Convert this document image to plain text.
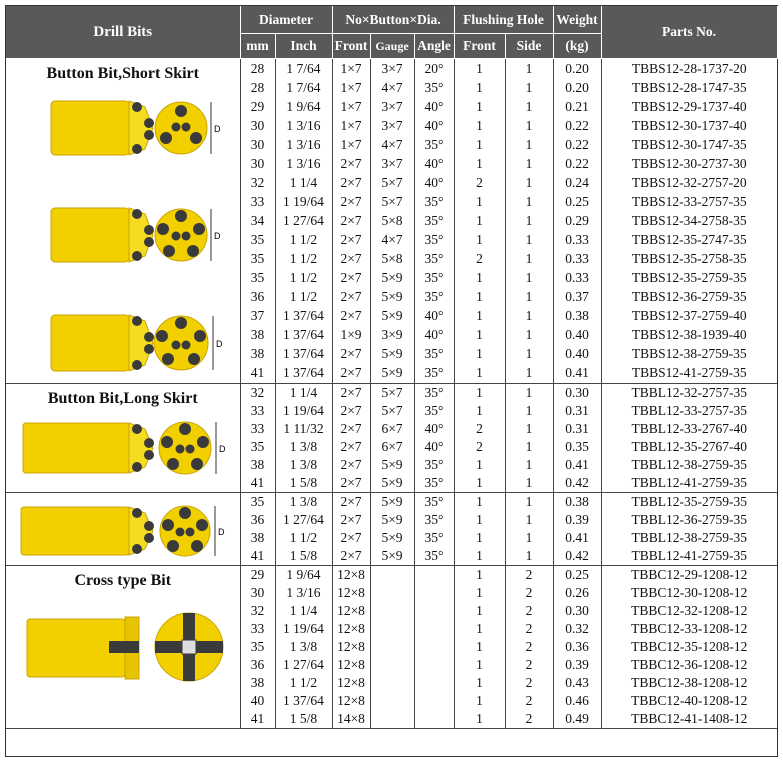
Drill Bits	Diameter		No×Button×Dia.			Flushing Hole		Weight	Parts No.
	mm	Inch	Front	Gauge	Angle	Front	Side	(kg)	

Button Bit,Short Skirt
D
D
D	28	1 7/64	1×7	3×7	20°	1	1	0.20	TBBS12-28-1737-20
	28	1 7/64	1×7	4×7	35°	1	1	0.20	TBBS12-28-1747-35
	29	1 9/64	1×7	3×7	40°	1	1	0.21	TBBS12-29-1737-40
	30	1 3/16	1×7	3×7	40°	1	1	0.22	TBBS12-30-1737-40
	30	1 3/16	1×7	4×7	35°	1	1	0.22	TBBS12-30-1747-35
	30	1 3/16	2×7	3×7	40°	1	1	0.22	TBBS12-30-2737-30
	32	1 1/4	2×7	5×7	40°	2	1	0.24	TBBS12-32-2757-20
	33	1 19/64	2×7	5×7	35°	1	1	0.25	TBBS12-33-2757-35
	34	1 27/64	2×7	5×8	35°	1	1	0.29	TBBS12-34-2758-35
	35	1 1/2	2×7	4×7	35°	1	1	0.33	TBBS12-35-2747-35
	35	1 1/2	2×7	5×8	35°	2	1	0.33	TBBS12-35-2758-35
	35	1 1/2	2×7	5×9	35°	1	1	0.33	TBBS12-35-2759-35
	36	1 1/2	2×7	5×9	35°	1	1	0.37	TBBS12-36-2759-35
	37	1 37/64	2×7	5×9	40°	1	1	0.38	TBBS12-37-2759-40
	38	1 37/64	1×9	3×9	40°	1	1	0.40	TBBS12-38-1939-40
	38	1 37/64	2×7	5×9	35°	1	1	0.40	TBBS12-38-2759-35
	41	1 37/64	2×7	5×9	35°	1	1	0.41	TBBS12-41-2759-35

Button Bit,Long Skirt
D	32	1 1/4	2×7	5×7	35°	1	1	0.30	TBBL12-32-2757-35
	33	1 19/64	2×7	5×7	35°	1	1	0.31	TBBL12-33-2757-35
	33	1 11/32	2×7	6×7	40°	2	1	0.31	TBBL12-33-2767-40
	35	1 3/8	2×7	6×7	40°	2	1	0.35	TBBL12-35-2767-40
	38	1 3/8	2×7	5×9	35°	1	1	0.41	TBBL12-38-2759-35
	41	1 5/8	2×7	5×9	35°	1	1	0.42	TBBL12-41-2759-35

D	35	1 3/8	2×7	5×9	35°	1	1	0.38	TBBL12-35-2759-35
	36	1 27/64	2×7	5×9	35°	1	1	0.39	TBBL12-36-2759-35
	38	1 1/2	2×7	5×9	35°	1	1	0.41	TBBL12-38-2759-35
	41	1 5/8	2×7	5×9	35°	1	1	0.42	TBBL12-41-2759-35

Cross type Bit	29	1 9/64	12×8			1	2	0.25	TBBC12-29-1208-12
	30	1 3/16	12×8			1	2	0.26	TBBC12-30-1208-12
	32	1 1/4	12×8			1	2	0.30	TBBC12-32-1208-12
	33	1 19/64	12×8			1	2	0.32	TBBC12-33-1208-12
	35	1 3/8	12×8			1	2	0.36	TBBC12-35-1208-12
	36	1 27/64	12×8			1	2	0.39	TBBC12-36-1208-12
	38	1 1/2	12×8			1	2	0.43	TBBC12-38-1208-12
	40	1 37/64	12×8			1	2	0.46	TBBC12-40-1208-12
	41	1 5/8	14×8			1	2	0.49	TBBC12-41-1408-12
